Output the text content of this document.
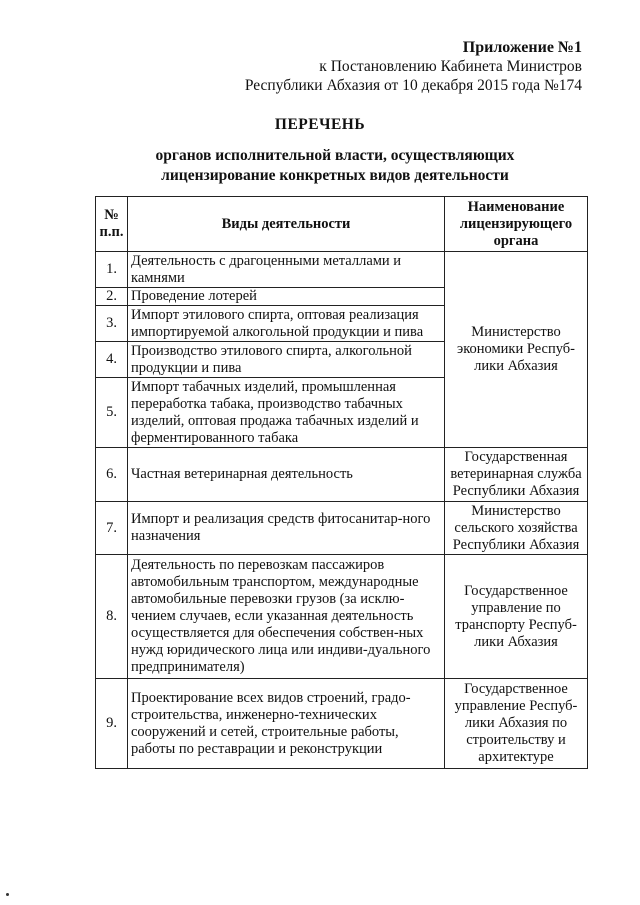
Приложение №1
к Постановлению Кабинета Министров
Республики Абхазия от 10 декабря 2015 года №174
ПЕРЕЧЕНЬ
органов исполнительной власти, осуществляющих
лицензирование конкретных видов деятельности
№
п.п.	Виды деятельности	Наименование лицензирующего органа
1.	Деятельность с драгоценными металлами и камнями	Министерство экономики Респуб-лики Абхазия
2.	Проведение лотерей	
3.	Импорт этилового спирта, оптовая реализация импортируемой алкогольной продукции и пива	
4.	Производство этилового спирта, алкогольной продукции и пива	
5.	Импорт табачных изделий, промышленная переработка табака, производство табачных изделий, оптовая продажа табачных изделий и ферментированного табака	
6.	Частная ветеринарная деятельность	Государственная ветеринарная служба Республики Абхазия
7.	Импорт и реализация средств фитосанитар-ного назначения	Министерство сельского хозяйства Республики Абхазия
8.	Деятельность по перевозкам пассажиров автомобильным транспортом, международные автомобильные перевозки грузов (за исклю-чением случаев, если указанная деятельность осуществляется для обеспечения собствен-ных нужд юридического лица или индиви-дуального предпринимателя)	Государственное управление по транспорту Респуб-лики Абхазия
9.	Проектирование всех видов строений, градо-строительства, инженерно-технических сооружений и сетей, строительные работы, работы по реставрации и реконструкции	Государственное управление Респуб-лики Абхазия по строительству и архитектуре
